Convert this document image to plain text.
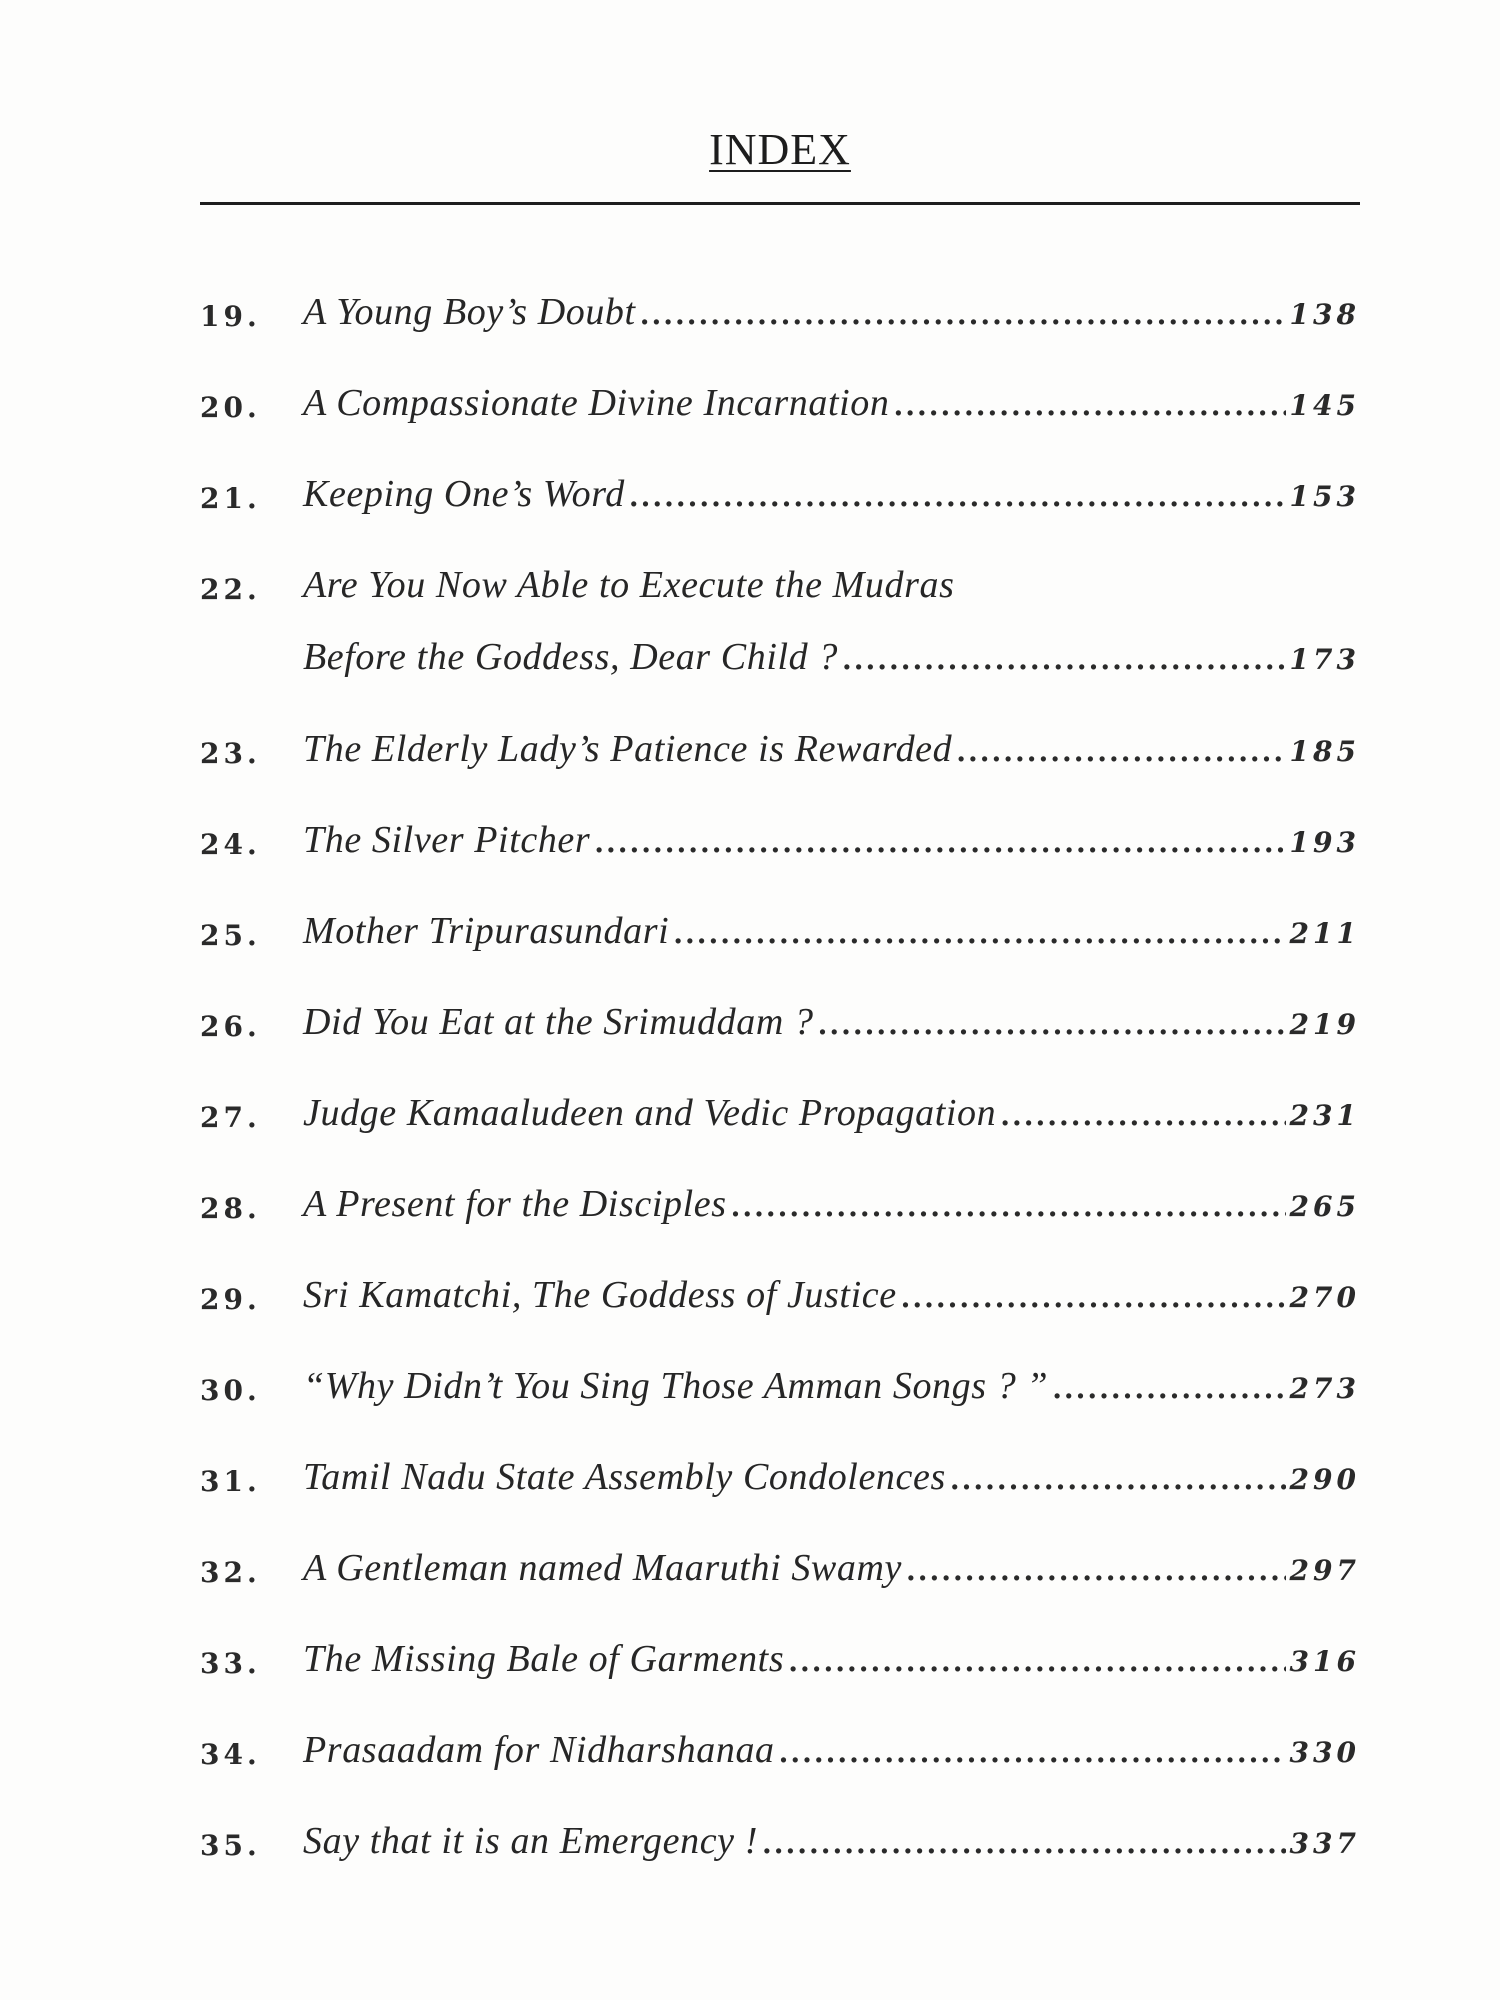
INDEX
19. A Young Boy’s Doubt .....	138
20. A Compassionate Divine Incarnation .....	145
21. Keeping One’s Word .....	153
22. Are You Now Able to Execute the Mudras
Before the Goddess, Dear Child ? .....	173
23. The Elderly Lady’s Patience is Rewarded .....	185
24. The Silver Pitcher .....	193
25. Mother Tripurasundari .....	211
26. Did You Eat at the Srimuddam ? .....	219
27. Judge Kamaaludeen and Vedic Propagation .....	231
28. A Present for the Disciples .....	265
29. Sri Kamatchi, The Goddess of Justice .....	270
30. “Why Didn’t You Sing Those Amman Songs ? ” .....	273
31. Tamil Nadu State Assembly Condolences .....	290
32. A Gentleman named Maaruthi Swamy .....	297
33. The Missing Bale of Garments .....	316
34. Prasaadam for Nidharshanaa .....	330
35. Say that it is an Emergency ! .....	337
